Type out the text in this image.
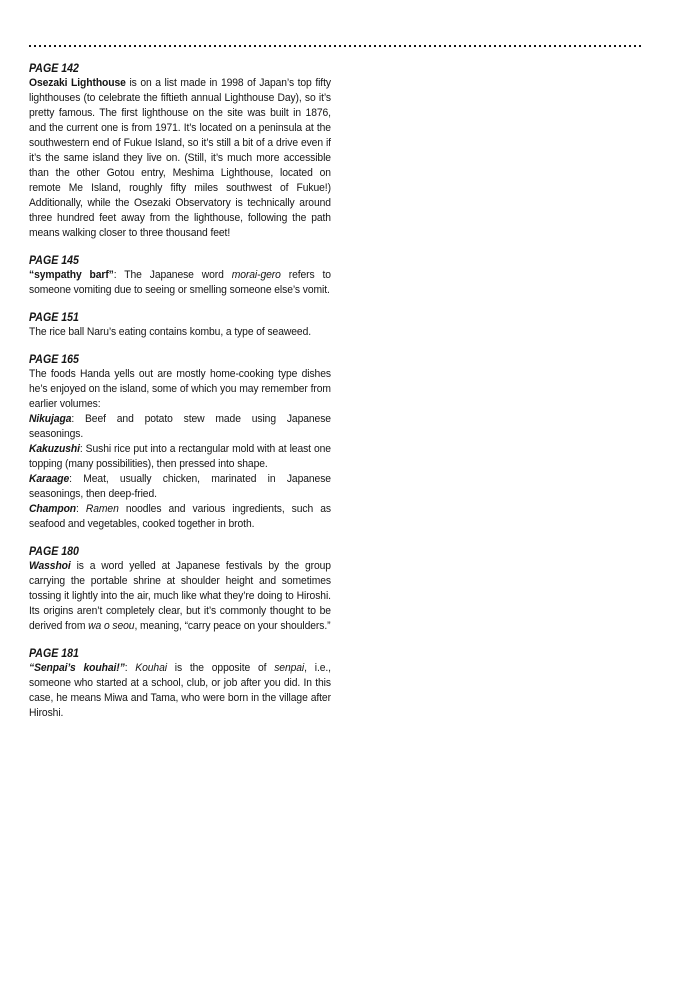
PAGE 142

Osezaki Lighthouse is on a list made in 1998 of Japan’s top fifty lighthouses (to celebrate the fiftieth annual Lighthouse Day), so it’s pretty famous. The first lighthouse on the site was built in 1876, and the current one is from 1971. It’s located on a peninsula at the southwestern end of Fukue Island, so it’s still a bit of a drive even if it’s the same island they live on. (Still, it’s much more accessible than the other Gotou entry, Meshima Lighthouse, located on remote Me Island, roughly fifty miles southwest of Fukue!) Additionally, while the Osezaki Observatory is technically around three hundred feet away from the lighthouse, following the path means walking closer to three thousand feet!

PAGE 145

“sympathy barf”: The Japanese word morai-gero refers to someone vomiting due to seeing or smelling someone else’s vomit.

PAGE 151

The rice ball Naru’s eating contains kombu, a type of seaweed.

PAGE 165

The foods Handa yells out are mostly home-cooking type dishes he’s enjoyed on the island, some of which you may remember from earlier volumes:

Nikujaga: Beef and potato stew made using Japanese seasonings.

Kakuzushi: Sushi rice put into a rectangular mold with at least one topping (many possibilities), then pressed into shape.

Karaage: Meat, usually chicken, marinated in Japanese seasonings, then deep-fried.

Champon: Ramen noodles and various ingredients, such as seafood and vegetables, cooked together in broth.

PAGE 180

Wasshoi is a word yelled at Japanese festivals by the group carrying the portable shrine at shoulder height and sometimes tossing it lightly into the air, much like what they’re doing to Hiroshi. Its origins aren’t completely clear, but it’s commonly thought to be derived from wa o seou, meaning, “carry peace on your shoulders.”

PAGE 181

“Senpai’s kouhai!”: Kouhai is the opposite of senpai, i.e., someone who started at a school, club, or job after you did. In this case, he means Miwa and Tama, who were born in the village after Hiroshi.
